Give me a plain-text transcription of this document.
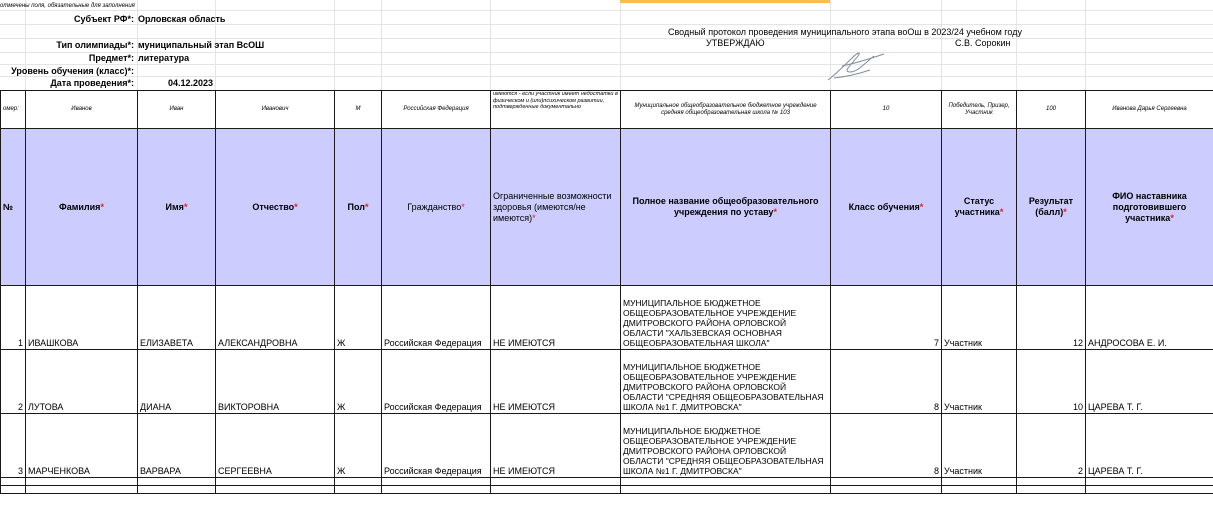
отмечены поля, обязательные для заполнения
Субъект РФ*: Орловская область
Тип олимпиады*: муниципальный этап ВсОШ
Предмет*: литература
Уровень обучения (класс)*:
Дата проведения*:	04.12.2023
Сводный протокол проведения муниципального этапа воОш в 2023/24 учебном году
УТВЕРЖДАЮ	С.В. Сорокин
омер:	Иванов	Иван	Иванович	М	Российская Федерация	имеются - если участник имеет недостатки в физическом и (или)психическом развитии, подтвержденные документально	Муниципальное общеобразовательное бюджетное учреждение средняя общеобразовательная школа № 103	10	Победитель, Призер, Участник	100	Иванова Дарья Сергеевна
№	Фамилия*	Имя*	Отчество*	Пол*	Гражданство*	Ограниченные возможности здоровья (имеются/не имеются)*	Полное название общеобразовательного учреждения по уставу*	Класс обучения*	Статус участника*	Результат (балл)*	ФИО наставника подготовившего участника*
1	ИВАШКОВА	ЕЛИЗАВЕТА	АЛЕКСАНДРОВНА	Ж	Российская Федерация	НЕ ИМЕЮТСЯ	МУНИЦИПАЛЬНОЕ БЮДЖЕТНОЕ ОБЩЕОБРАЗОВАТЕЛЬНОЕ УЧРЕЖДЕНИЕ ДМИТРОВСКОГО РАЙОНА ОРЛОВСКОЙ ОБЛАСТИ "ХАЛЬЗЕВСКАЯ ОСНОВНАЯ ОБЩЕОБРАЗОВАТЕЛЬНАЯ ШКОЛА"	7	Участник	12	АНДРОСОВА Е. И.
2	ЛУТОВА	ДИАНА	ВИКТОРОВНА	Ж	Российская Федерация	НЕ ИМЕЮТСЯ	МУНИЦИПАЛЬНОЕ БЮДЖЕТНОЕ ОБЩЕОБРАЗОВАТЕЛЬНОЕ УЧРЕЖДЕНИЕ ДМИТРОВСКОГО РАЙОНА ОРЛОВСКОЙ ОБЛАСТИ "СРЕДНЯЯ ОБЩЕОБРАЗОВАТЕЛЬНАЯ ШКОЛА №1 Г. ДМИТРОВСКА"	8	Участник	10	ЦАРЕВА Т. Г.
3	МАРЧЕНКОВА	ВАРВАРА	СЕРГЕЕВНА	Ж	Российская Федерация	НЕ ИМЕЮТСЯ	МУНИЦИПАЛЬНОЕ БЮДЖЕТНОЕ ОБЩЕОБРАЗОВАТЕЛЬНОЕ УЧРЕЖДЕНИЕ ДМИТРОВСКОГО РАЙОНА ОРЛОВСКОЙ ОБЛАСТИ "СРЕДНЯЯ ОБЩЕОБРАЗОВАТЕЛЬНАЯ ШКОЛА №1 Г. ДМИТРОВСКА"	8	Участник	2	ЦАРЕВА Т. Г.
